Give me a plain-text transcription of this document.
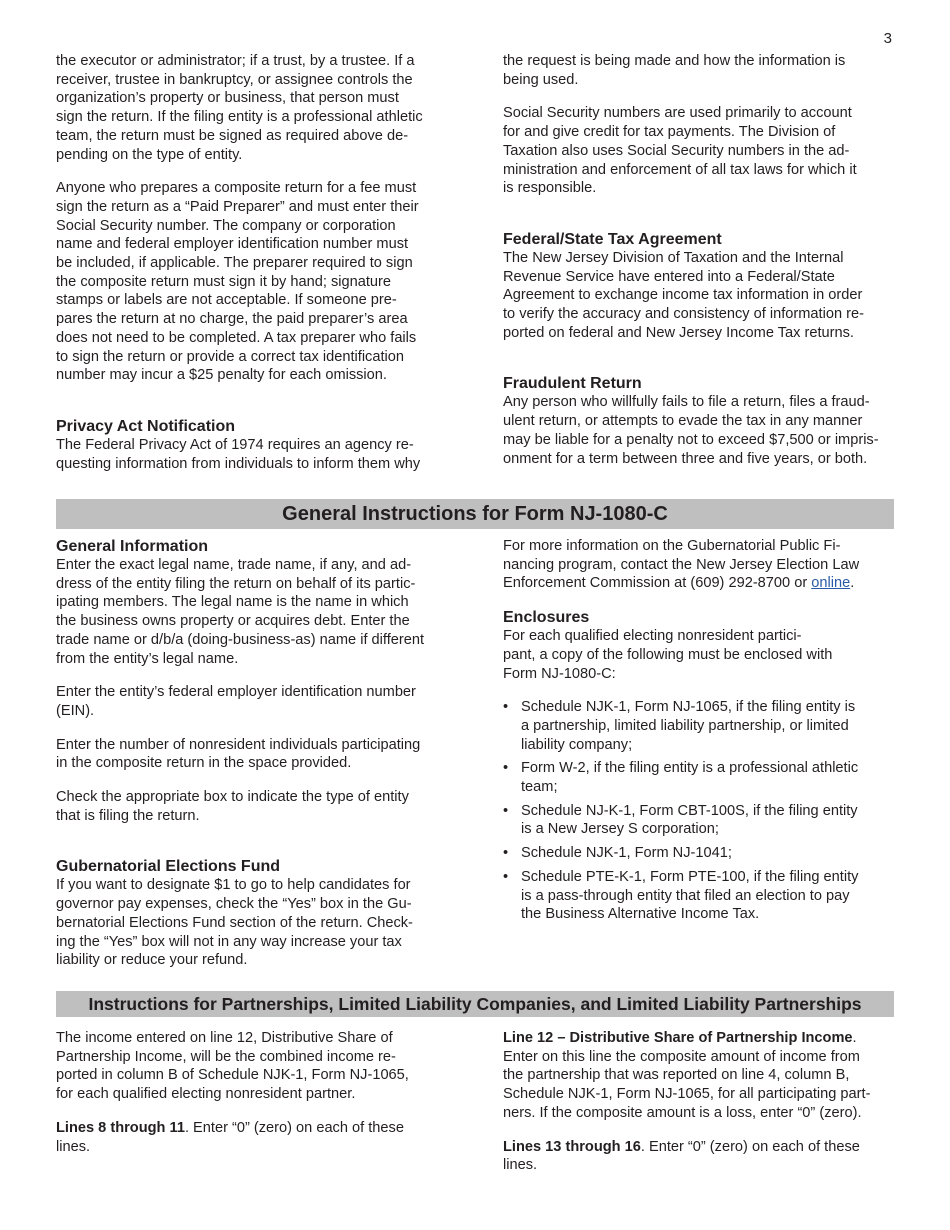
3

the executor or administrator; if a trust, by a trustee. If a
receiver, trustee in bankruptcy, or assignee controls the
organization’s property or business, that person must
sign the return. If the filing entity is a professional athletic
team, the return must be signed as required above de-
pending on the type of entity.

Anyone who prepares a composite return for a fee must
sign the return as a “Paid Preparer” and must enter their
Social Security number. The company or corporation
name and federal employer identification number must
be included, if applicable. The preparer required to sign
the composite return must sign it by hand; signature
stamps or labels are not acceptable. If someone pre-
pares the return at no charge, the paid preparer’s area
does not need to be completed. A tax preparer who fails
to sign the return or provide a correct tax identification
number may incur a $25 penalty for each omission.

Privacy Act Notification

The Federal Privacy Act of 1974 requires an agency re-
questing information from individuals to inform them why

the request is being made and how the information is
being used.

Social Security numbers are used primarily to account
for and give credit for tax payments. The Division of
Taxation also uses Social Security numbers in the ad-
ministration and enforcement of all tax laws for which it
is responsible.

Federal/State Tax Agreement

The New Jersey Division of Taxation and the Internal
Revenue Service have entered into a Federal/State
Agreement to exchange income tax information in order
to verify the accuracy and consistency of information re-
ported on federal and New Jersey Income Tax returns.

Fraudulent Return

Any person who willfully fails to file a return, files a fraud-
ulent return, or attempts to evade the tax in any manner
may be liable for a penalty not to exceed $7,500 or impris-
onment for a term between three and five years, or both.

General Instructions for Form NJ-1080-C
General Information

Enter the exact legal name, trade name, if any, and ad-
dress of the entity filing the return on behalf of its partic-
ipating members. The legal name is the name in which
the business owns property or acquires debt. Enter the
trade name or d/b/a (doing-business-as) name if different
from the entity’s legal name.

Enter the entity’s federal employer identification number
(EIN).

Enter the number of nonresident individuals participating
in the composite return in the space provided.

Check the appropriate box to indicate the type of entity
that is filing the return.

Gubernatorial Elections Fund

If you want to designate $1 to go to help candidates for
governor pay expenses, check the “Yes” box in the Gu-
bernatorial Elections Fund section of the return. Check-
ing the “Yes” box will not in any way increase your tax
liability or reduce your refund.

For more information on the Gubernatorial Public Fi-
nancing program, contact the New Jersey Election Law
Enforcement Commission at (609) 292-8700 or online.

Enclosures

For each qualified electing nonresident partici-
pant, a copy of the following must be enclosed with
Form NJ-1080-C:

• Schedule NJK-1, Form NJ-1065, if the filing entity is
a partnership, limited liability partnership, or limited
liability company;
• Form W-2, if the filing entity is a professional athletic
team;
• Schedule NJ-K-1, Form CBT-100S, if the filing entity
is a New Jersey S corporation;
• Schedule NJK-1, Form NJ-1041;
• Schedule PTE-K-1, Form PTE-100, if the filing entity
is a pass-through entity that filed an election to pay
the Business Alternative Income Tax.
Instructions for Partnerships, Limited Liability Companies, and Limited Liability Partnerships

The income entered on line 12, Distributive Share of
Partnership Income, will be the combined income re-
ported in column B of Schedule NJK-1, Form NJ-1065,
for each qualified electing nonresident partner.

Lines 8 through 11. Enter “0” (zero) on each of these
lines.

Line 12 – Distributive Share of Partnership Income.
Enter on this line the composite amount of income from
the partnership that was reported on line 4, column B,
Schedule NJK-1, Form NJ-1065, for all participating part-
ners. If the composite amount is a loss, enter “0” (zero).

Lines 13 through 16. Enter “0” (zero) on each of these
lines.
